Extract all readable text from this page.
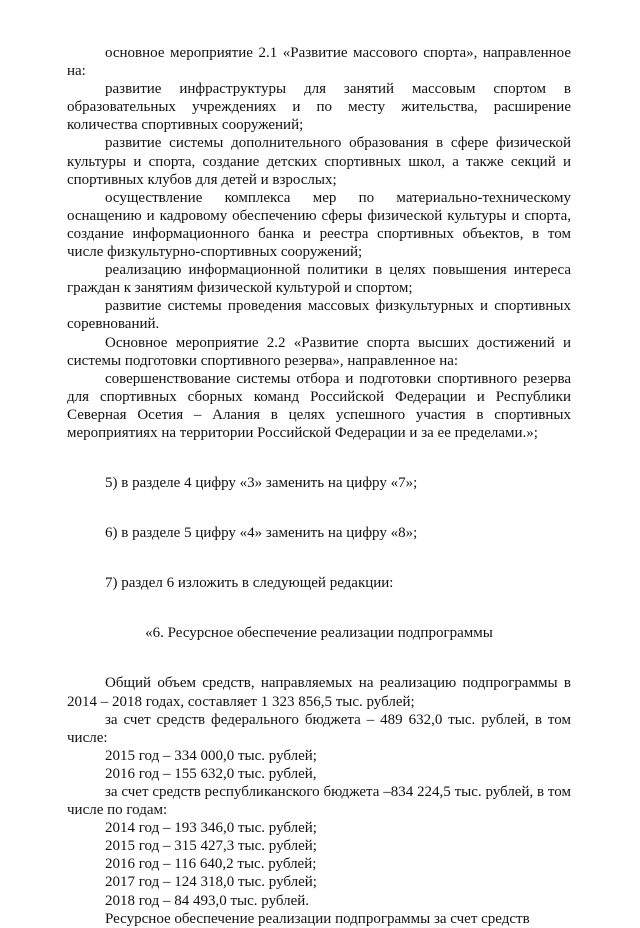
основное мероприятие 2.1 «Развитие массового спорта», направленное на:

развитие инфраструктуры для занятий массовым спортом в образовательных учреждениях и по месту жительства, расширение количества спортивных сооружений;

развитие системы дополнительного образования в сфере физической культуры и спорта, создание детских спортивных школ, а также секций и спортивных клубов для детей и взрослых;

осуществление комплекса мер по материально-техническому оснащению и кадровому обеспечению сферы физической культуры и спорта, создание информационного банка и реестра спортивных объектов, в том числе физкультурно-спортивных сооружений;

реализацию информационной политики в целях повышения интереса граждан к занятиям физической культурой и спортом;

развитие системы проведения массовых физкультурных и спортивных соревнований.

Основное мероприятие 2.2 «Развитие спорта высших достижений и системы подготовки спортивного резерва», направленное на:

совершенствование системы отбора и подготовки спортивного резерва для спортивных сборных команд Российской Федерации и Республики Северная Осетия – Алания в целях успешного участия в спортивных мероприятиях на территории Российской Федерации и за ее пределами.»;

5) в разделе 4 цифру «3» заменить на цифру «7»;

6) в разделе 5 цифру «4» заменить на цифру «8»;

7) раздел 6 изложить в следующей редакции:

«6. Ресурсное обеспечение реализации подпрограммы

Общий объем средств, направляемых на реализацию подпрограммы в 2014 – 2018 годах, составляет 1 323 856,5 тыс. рублей;

за счет средств федерального бюджета – 489 632,0 тыс. рублей, в том числе:

2015 год – 334 000,0 тыс. рублей;
2016 год – 155 632,0 тыс. рублей,

за счет средств республиканского бюджета –834 224,5 тыс. рублей, в том числе по годам:

2014 год – 193 346,0 тыс. рублей;
2015 год – 315 427,3 тыс. рублей;
2016 год – 116 640,2 тыс. рублей;
2017 год – 124 318,0 тыс. рублей;
2018 год – 84 493,0 тыс. рублей.

Ресурсное обеспечение реализации подпрограммы за счет средств
